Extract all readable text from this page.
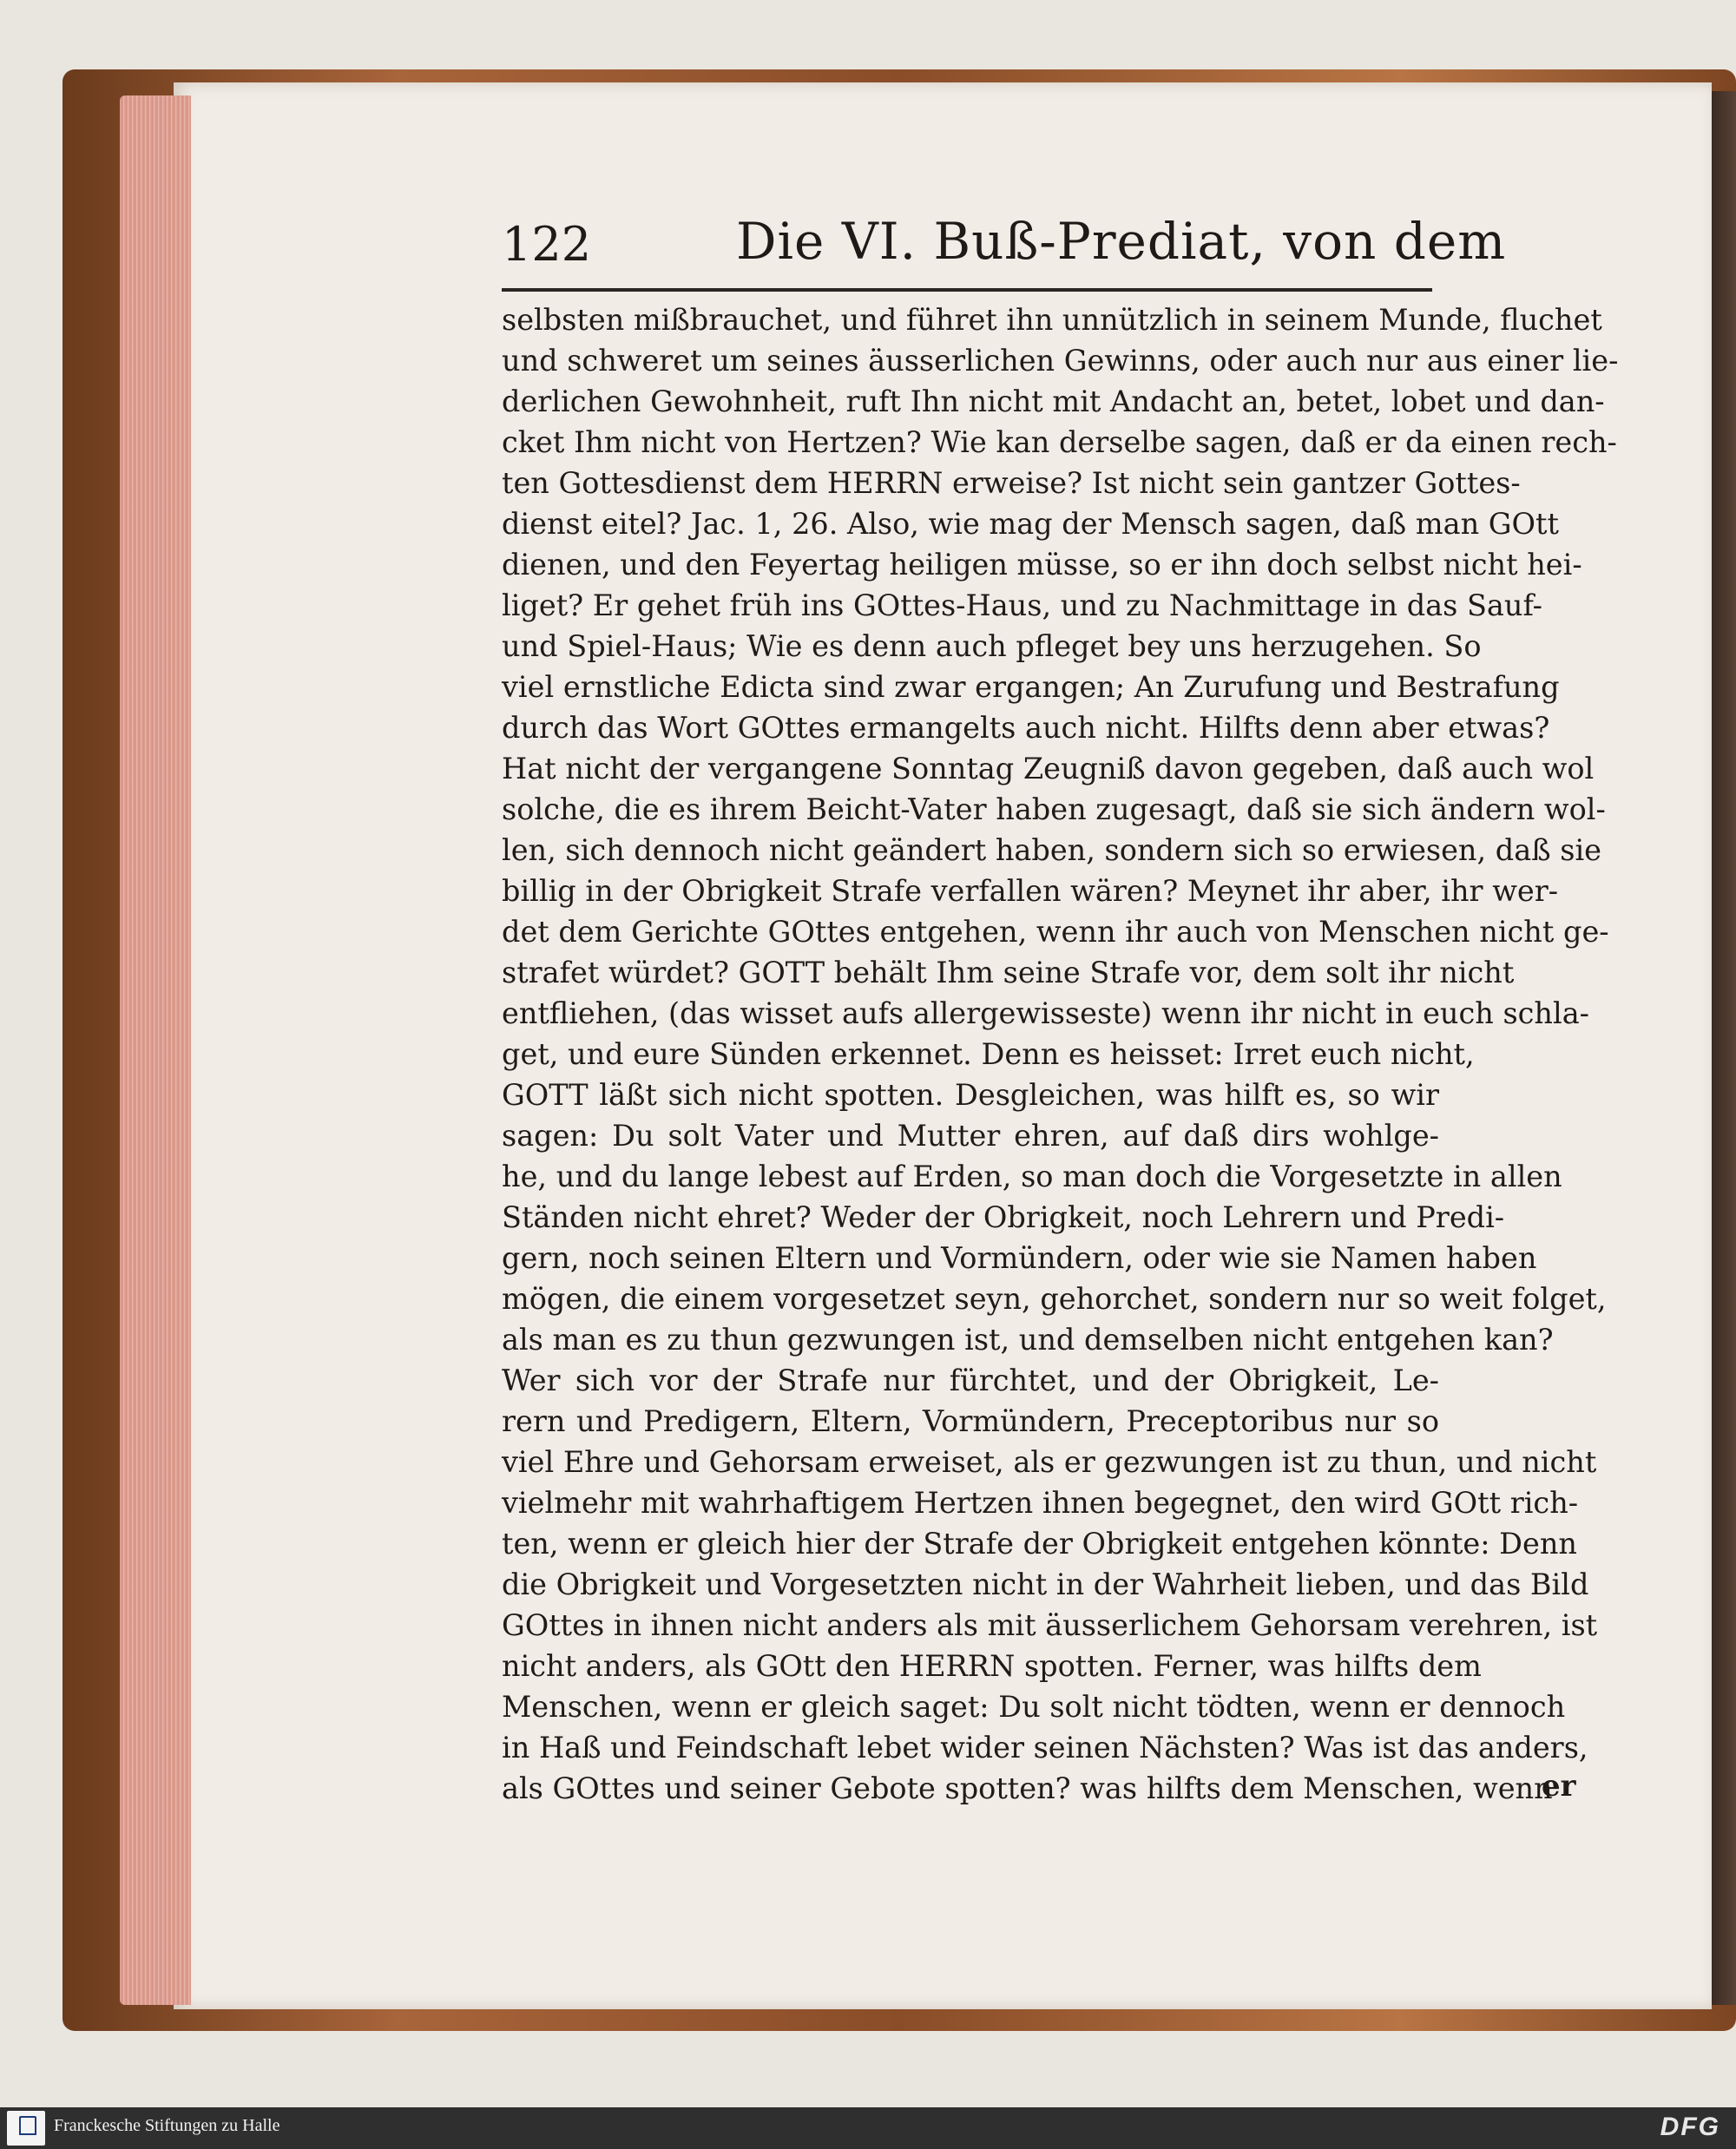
122	Die VI. Buß-Prediat, von dem
selbsten mißbrauchet, und führet ihn unnützlich in seinem Munde, fluchet
und schweret um seines äusserlichen Gewinns, oder auch nur aus einer lie-
derlichen Gewohnheit, ruft Ihn nicht mit Andacht an, betet, lobet und dan-
cket Ihm nicht von Hertzen? Wie kan derselbe sagen, daß er da einen rech-
ten Gottesdienst dem HERRN erweise? Ist nicht sein gantzer Gottes-
dienst eitel? Jac. 1, 26. Also, wie mag der Mensch sagen, daß man GOtt
dienen, und den Feyertag heiligen müsse, so er ihn doch selbst nicht hei-
liget? Er gehet früh ins GOttes-Haus, und zu Nachmittage in das Sauf-
und Spiel-Haus; Wie es denn auch pfleget bey uns herzugehen. So
viel ernstliche Edicta sind zwar ergangen; An Zurufung und Bestrafung
durch das Wort GOttes ermangelts auch nicht. Hilfts denn aber etwas?
Hat nicht der vergangene Sonntag Zeugniß davon gegeben, daß auch wol
solche, die es ihrem Beicht-Vater haben zugesagt, daß sie sich ändern wol-
len, sich dennoch nicht geändert haben, sondern sich so erwiesen, daß sie
billig in der Obrigkeit Strafe verfallen wären? Meynet ihr aber, ihr wer-
det dem Gerichte GOttes entgehen, wenn ihr auch von Menschen nicht ge-
strafet würdet? GOTT behält Ihm seine Strafe vor, dem solt ihr nicht
entfliehen, (das wisset aufs allergewisseste) wenn ihr nicht in euch schla-
get, und eure Sünden erkennet. Denn es heisset: Irret euch nicht,
GOTT läßt sich nicht spotten. Desgleichen, was hilft es, so wir
sagen: Du solt Vater und Mutter ehren, auf daß dirs wohlge-
he, und du lange lebest auf Erden, so man doch die Vorgesetzte in allen
Ständen nicht ehret? Weder der Obrigkeit, noch Lehrern und Predi-
gern, noch seinen Eltern und Vormündern, oder wie sie Namen haben
mögen, die einem vorgesetzet seyn, gehorchet, sondern nur so weit folget,
als man es zu thun gezwungen ist, und demselben nicht entgehen kan?
Wer sich vor der Strafe nur fürchtet, und der Obrigkeit, Le-
rern und Predigern, Eltern, Vormündern, Preceptoribus nur so
viel Ehre und Gehorsam erweiset, als er gezwungen ist zu thun, und nicht
vielmehr mit wahrhaftigem Hertzen ihnen begegnet, den wird GOtt rich-
ten, wenn er gleich hier der Strafe der Obrigkeit entgehen könnte: Denn
die Obrigkeit und Vorgesetzten nicht in der Wahrheit lieben, und das Bild
GOttes in ihnen nicht anders als mit äusserlichem Gehorsam verehren, ist
nicht anders, als GOtt den HERRN spotten. Ferner, was hilfts dem
Menschen, wenn er gleich saget: Du solt nicht tödten, wenn er dennoch
in Haß und Feindschaft lebet wider seinen Nächsten? Was ist das anders,
als GOttes und seiner Gebote spotten? was hilfts dem Menschen, wenn
er
Franckesche Stiftungen zu Halle	DFG
